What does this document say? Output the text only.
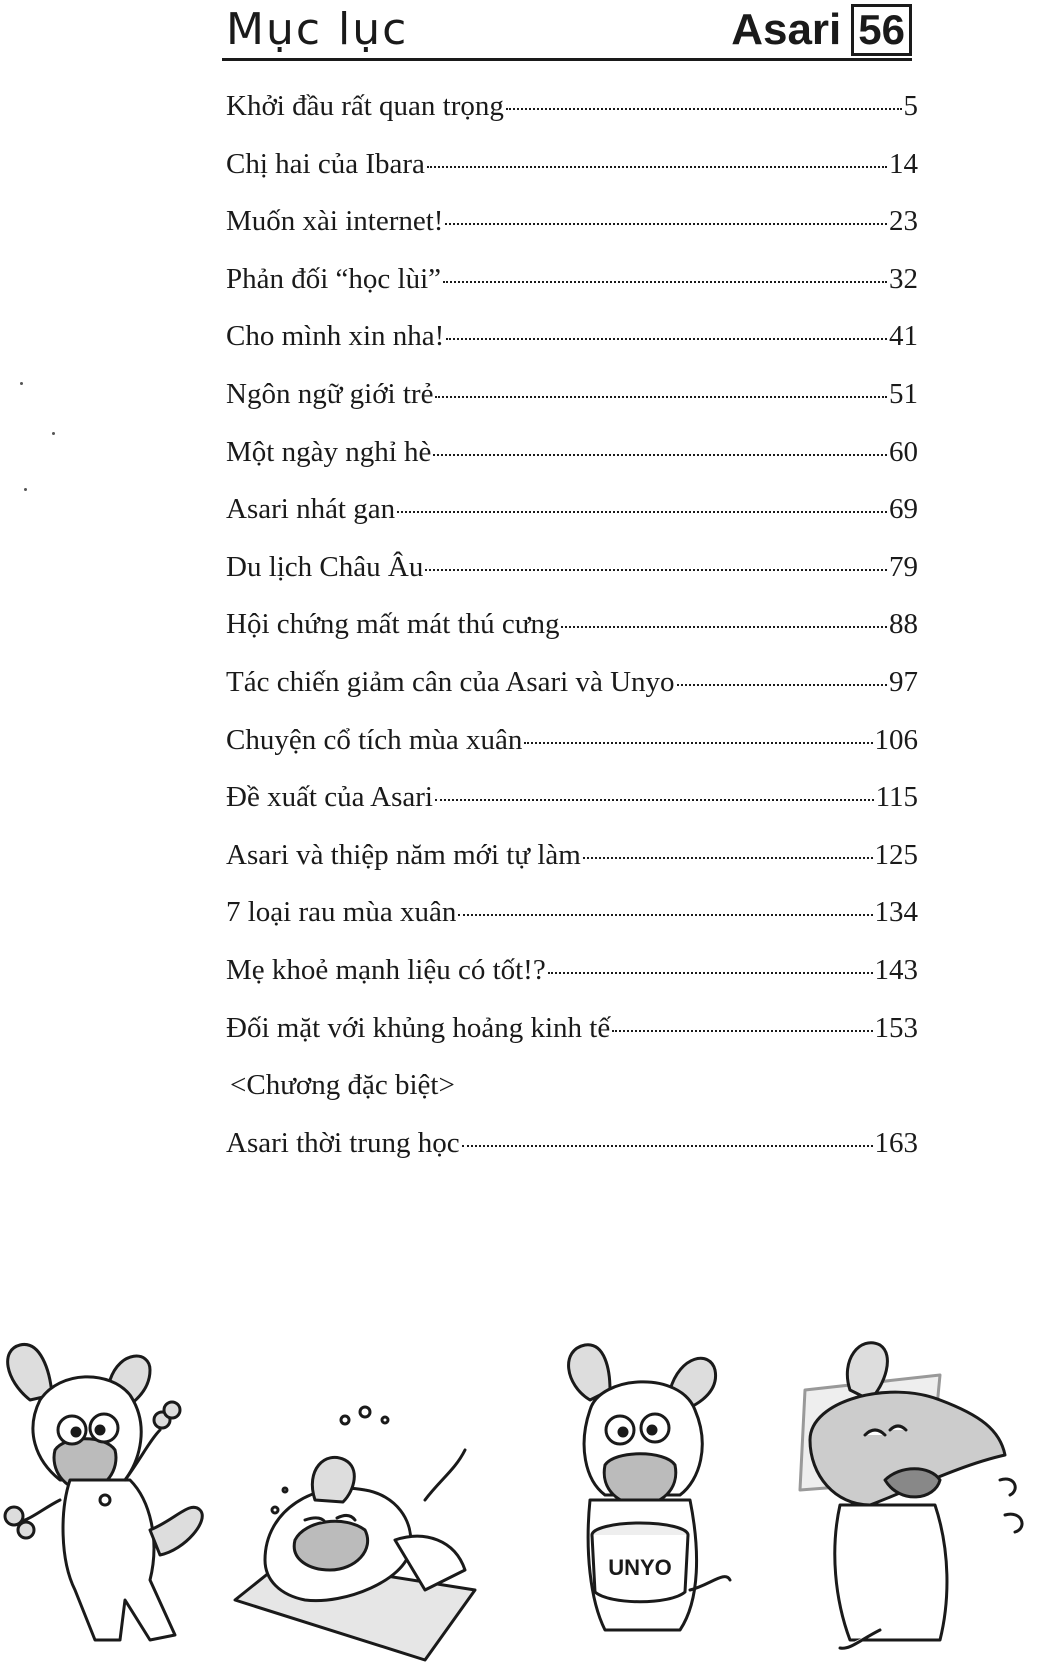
Mục lục	Asari 56
Khởi đầu rất quan trọng	5
Chị hai của Ibara	14
Muốn xài internet!	23
Phản đối “học lùi”	32
Cho mình xin nha!	41
Ngôn ngữ giới trẻ	51
Một ngày nghỉ hè	60
Asari nhát gan	69
Du lịch Châu Âu	79
Hội chứng mất mát thú cưng	88
Tác chiến giảm cân của Asari và Unyo	97
Chuyện cổ tích mùa xuân	106
Đề xuất của Asari	115
Asari và thiệp năm mới tự làm	125
7 loại rau mùa xuân	134
Mẹ khoẻ mạnh liệu có tốt!?	143
Đối mặt với khủng hoảng kinh tế	153
<Chương đặc biệt>
Asari thời trung học	163
UNYO
